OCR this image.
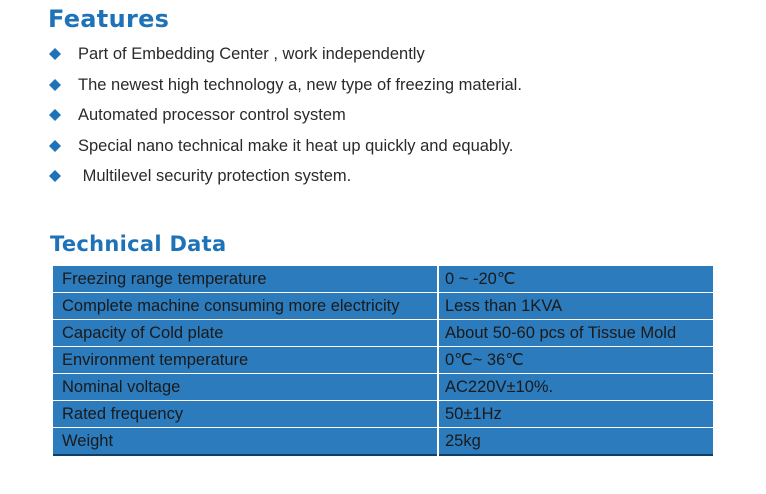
Features
Part of Embedding Center , work independently
The newest high technology a, new type of freezing material.
Automated processor control system
Special nano technical make it heat up quickly and equably.
Multilevel security protection system.
Technical Data
Freezing range temperature	0 ~ -20℃
Complete machine consuming more electricity	Less than 1KVA
Capacity of Cold plate	About 50-60 pcs of Tissue Mold
Environment temperature	0℃~ 36℃
Nominal voltage	AC220V±10%.
Rated frequency	50±1Hz
Weight	25kg
